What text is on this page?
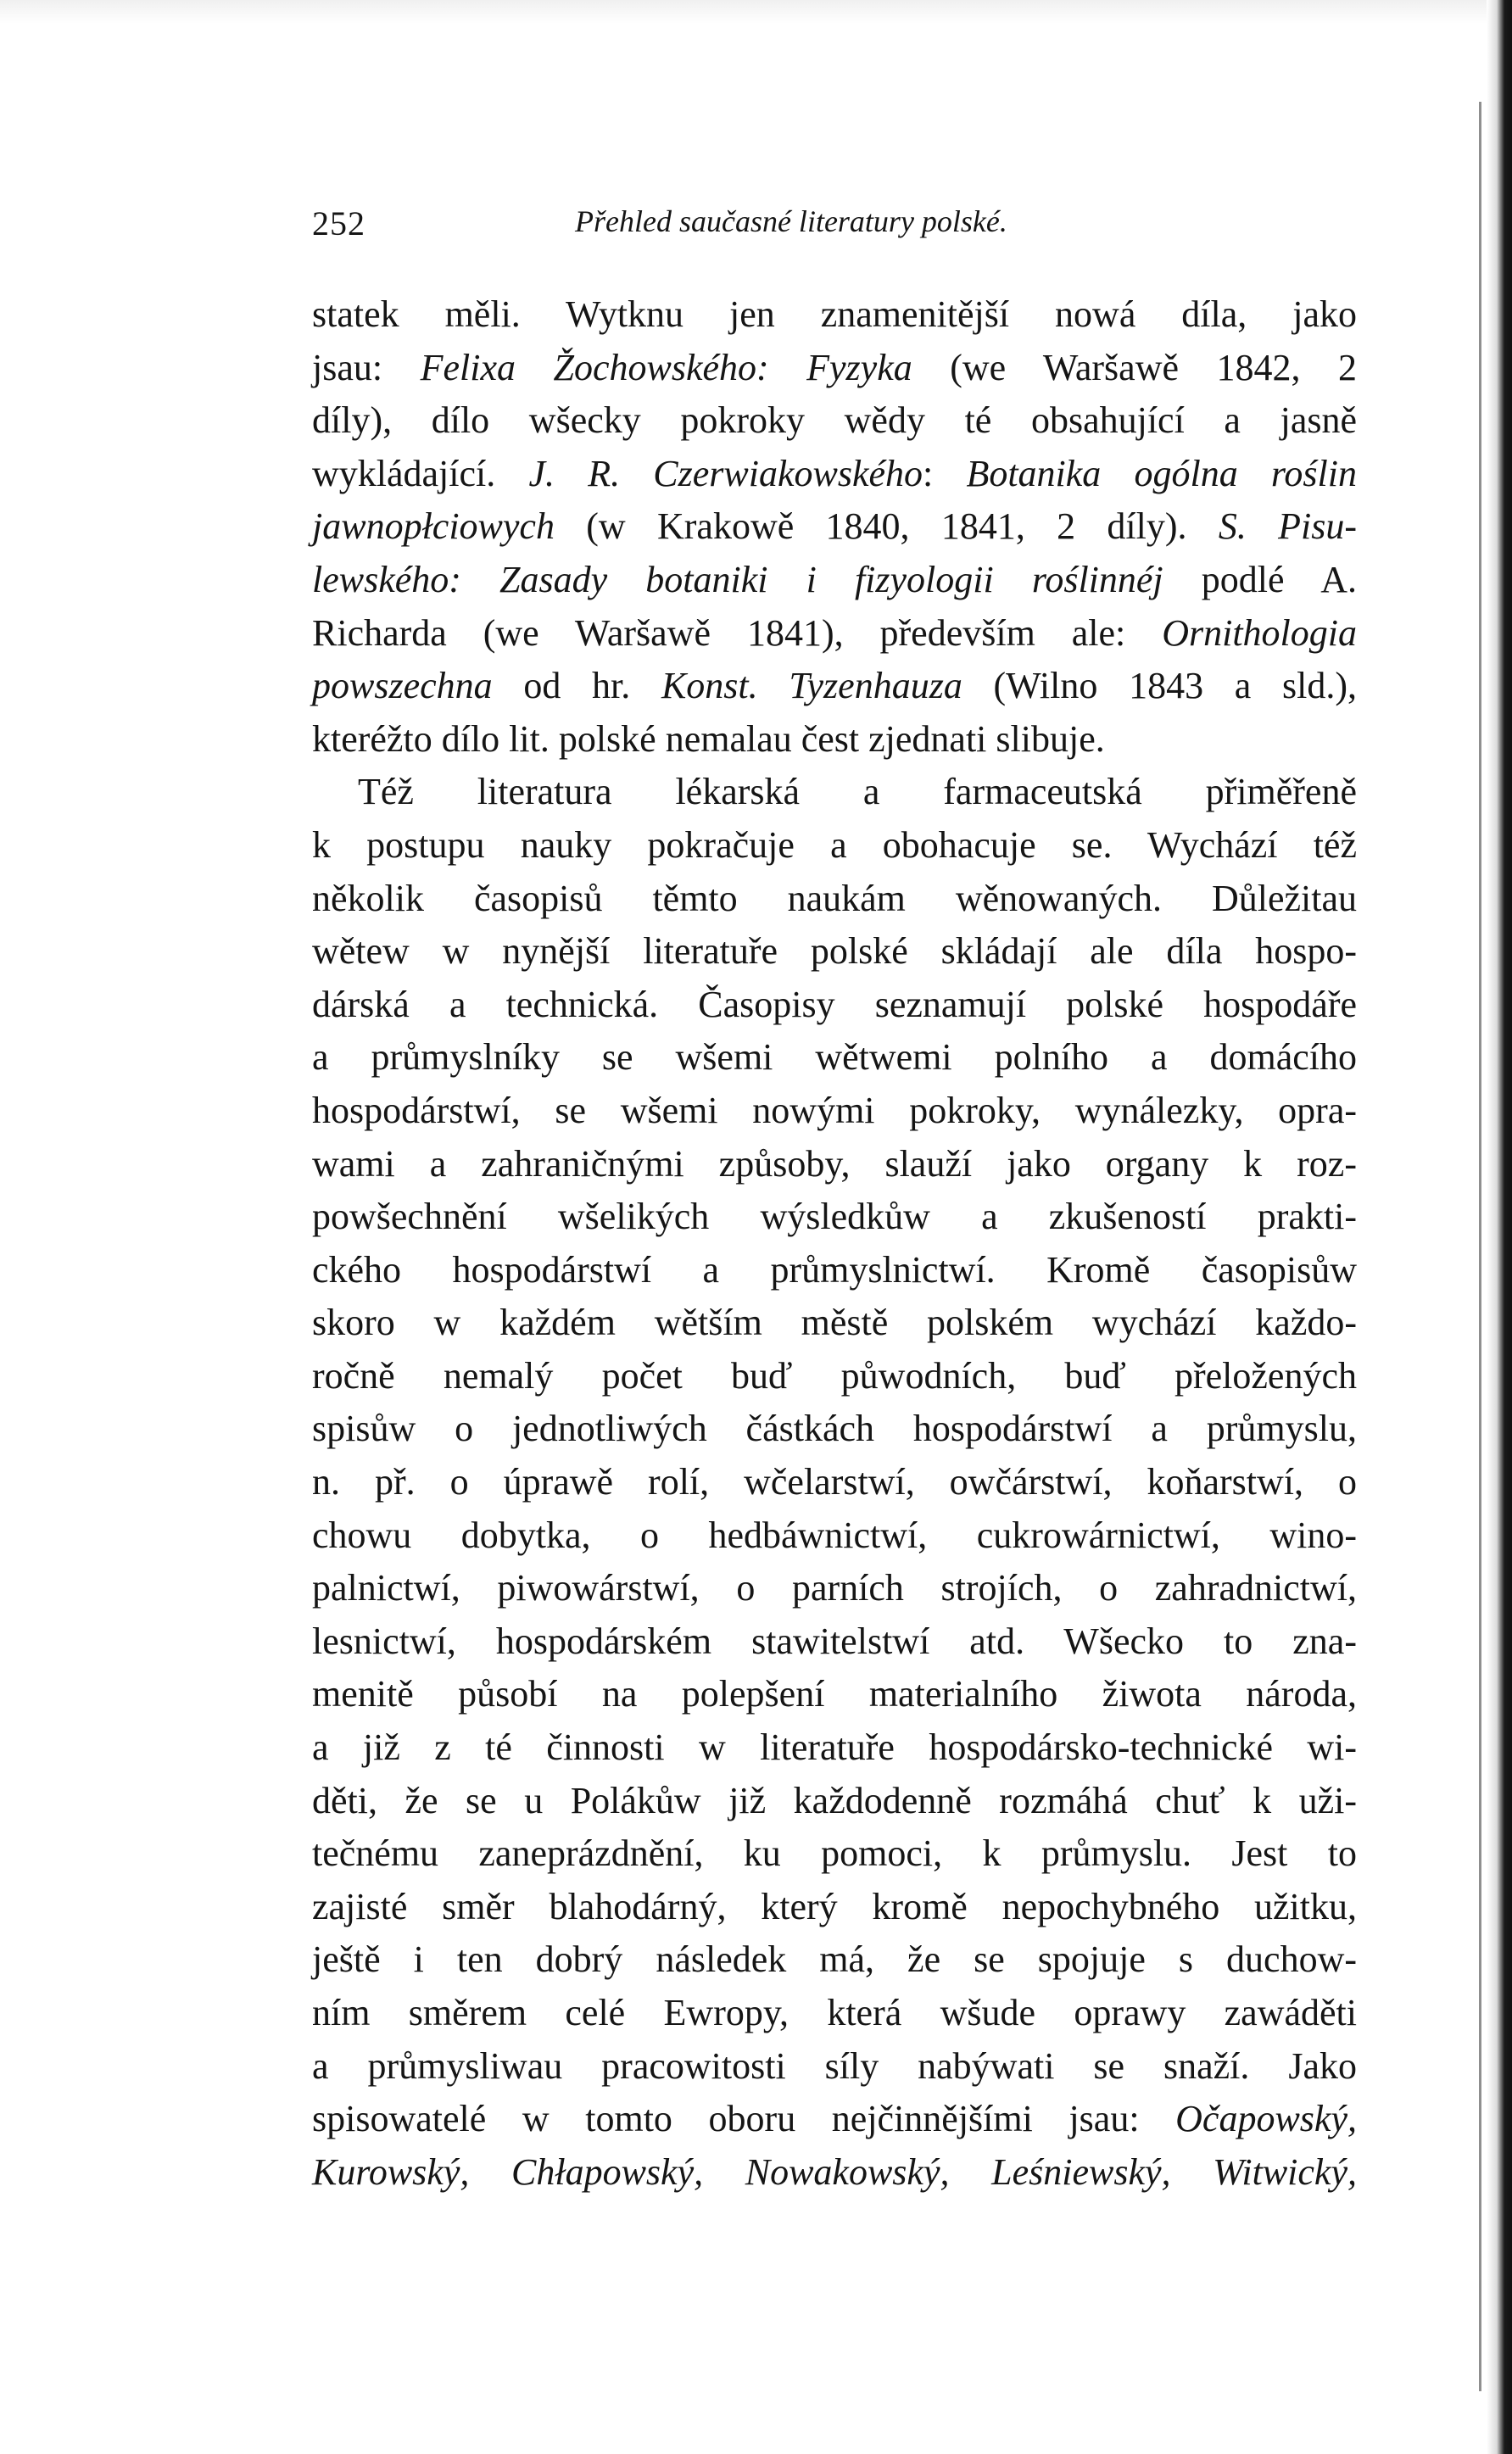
252	Přehled saučasné literatury polské.
statek měli. Wytknu jen znamenitější nowá díla, jako
jsau: Felixa Žochowského: Fyzyka (we Waršawě 1842, 2
díly), dílo wšecky pokroky wědy té obsahující a jasně
wykládající. J. R. Czerwiakowského: Botanika ogólna roślin
jawnopłciowych (w Krakowě 1840, 1841, 2 díly). S. Pisu-
lewského: Zasady botaniki i fizyologii roślinnéj podlé A.
Richarda (we Waršawě 1841), především ale: Ornithologia
powszechna od hr. Konst. Tyzenhauza (Wilno 1843 a sld.),
kteréžto dílo lit. polské nemalau čest zjednati slibuje.
Též literatura lékarská a farmaceutská přiměřeně
k postupu nauky pokračuje a obohacuje se. Wychází též
několik časopisů těmto naukám wěnowaných. Důležitau
wětew w nynější literatuře polské skládají ale díla hospo-
dárská a technická. Časopisy seznamují polské hospodáře
a průmyslníky se wšemi wětwemi polního a domácího
hospodárstwí, se wšemi nowými pokroky, wynálezky, opra-
wami a zahraničnými způsoby, slauží jako organy k roz-
powšechnění wšelikých wýsledkůw a zkušeností prakti-
ckého hospodárstwí a průmyslnictwí. Kromě časopisůw
skoro w každém wětším městě polském wychází každo-
ročně nemalý počet buď půwodních, buď přeložených
spisůw o jednotliwých částkách hospodárstwí a průmyslu,
n. př. o úprawě rolí, wčelarstwí, owčárstwí, koňarstwí, o
chowu dobytka, o hedbáwnictwí, cukrowárnictwí, wino-
palnictwí, piwowárstwí, o parních strojích, o zahradnictwí,
lesnictwí, hospodárském stawitelstwí atd. Wšecko to zna-
menitě působí na polepšení materialního žiwota národa,
a již z té činnosti w literatuře hospodársko-technické wi-
děti, že se u Polákůw již každodenně rozmáhá chuť k uži-
tečnému zaneprázdnění, ku pomoci, k průmyslu. Jest to
zajisté směr blahodárný, který kromě nepochybného užitku,
ještě i ten dobrý následek má, že se spojuje s duchow-
ním směrem celé Ewropy, která wšude oprawy zawáděti
a průmysliwau pracowitosti síly nabýwati se snaží. Jako
spisowatelé w tomto oboru nejčinnějšími jsau: Očapowský,
Kurowský, Chłapowský, Nowakowský, Leśniewský, Witwický,
